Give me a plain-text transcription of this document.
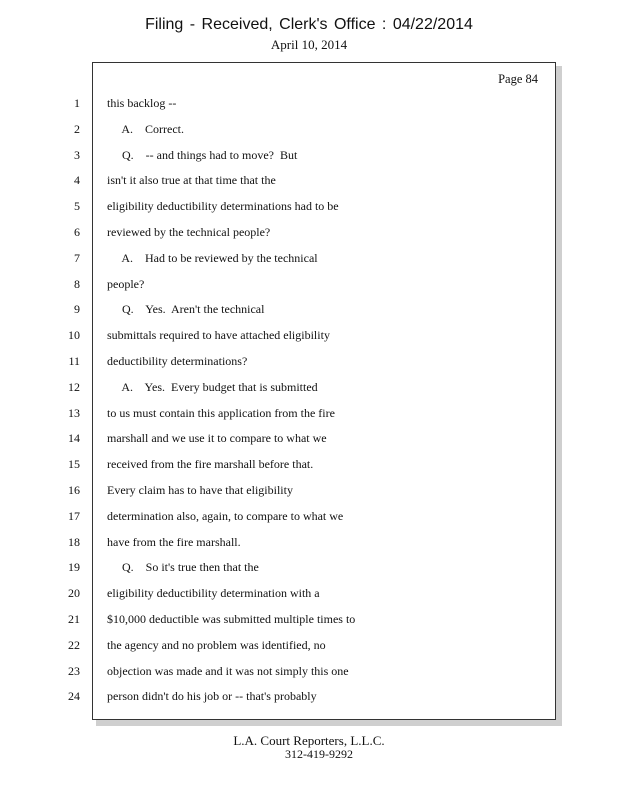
Filing - Received, Clerk's Office : 04/22/2014
April 10, 2014
Page 84
1 this backlog --
2 A.    Correct.
3 Q.    -- and things had to move?  But
4 isn't it also true at that time that the
5 eligibility deductibility determinations had to be
6 reviewed by the technical people?
7 A.    Had to be reviewed by the technical
8 people?
9 Q.    Yes.  Aren't the technical
10 submittals required to have attached eligibility
11 deductibility determinations?
12 A.    Yes.  Every budget that is submitted
13 to us must contain this application from the fire
14 marshall and we use it to compare to what we
15 received from the fire marshall before that.
16 Every claim has to have that eligibility
17 determination also, again, to compare to what we
18 have from the fire marshall.
19 Q.    So it's true then that the
20 eligibility deductibility determination with a
21 $10,000 deductible was submitted multiple times to
22 the agency and no problem was identified, no
23 objection was made and it was not simply this one
24 person didn't do his job or -- that's probably
L.A. Court Reporters, L.L.C.
312-419-9292
